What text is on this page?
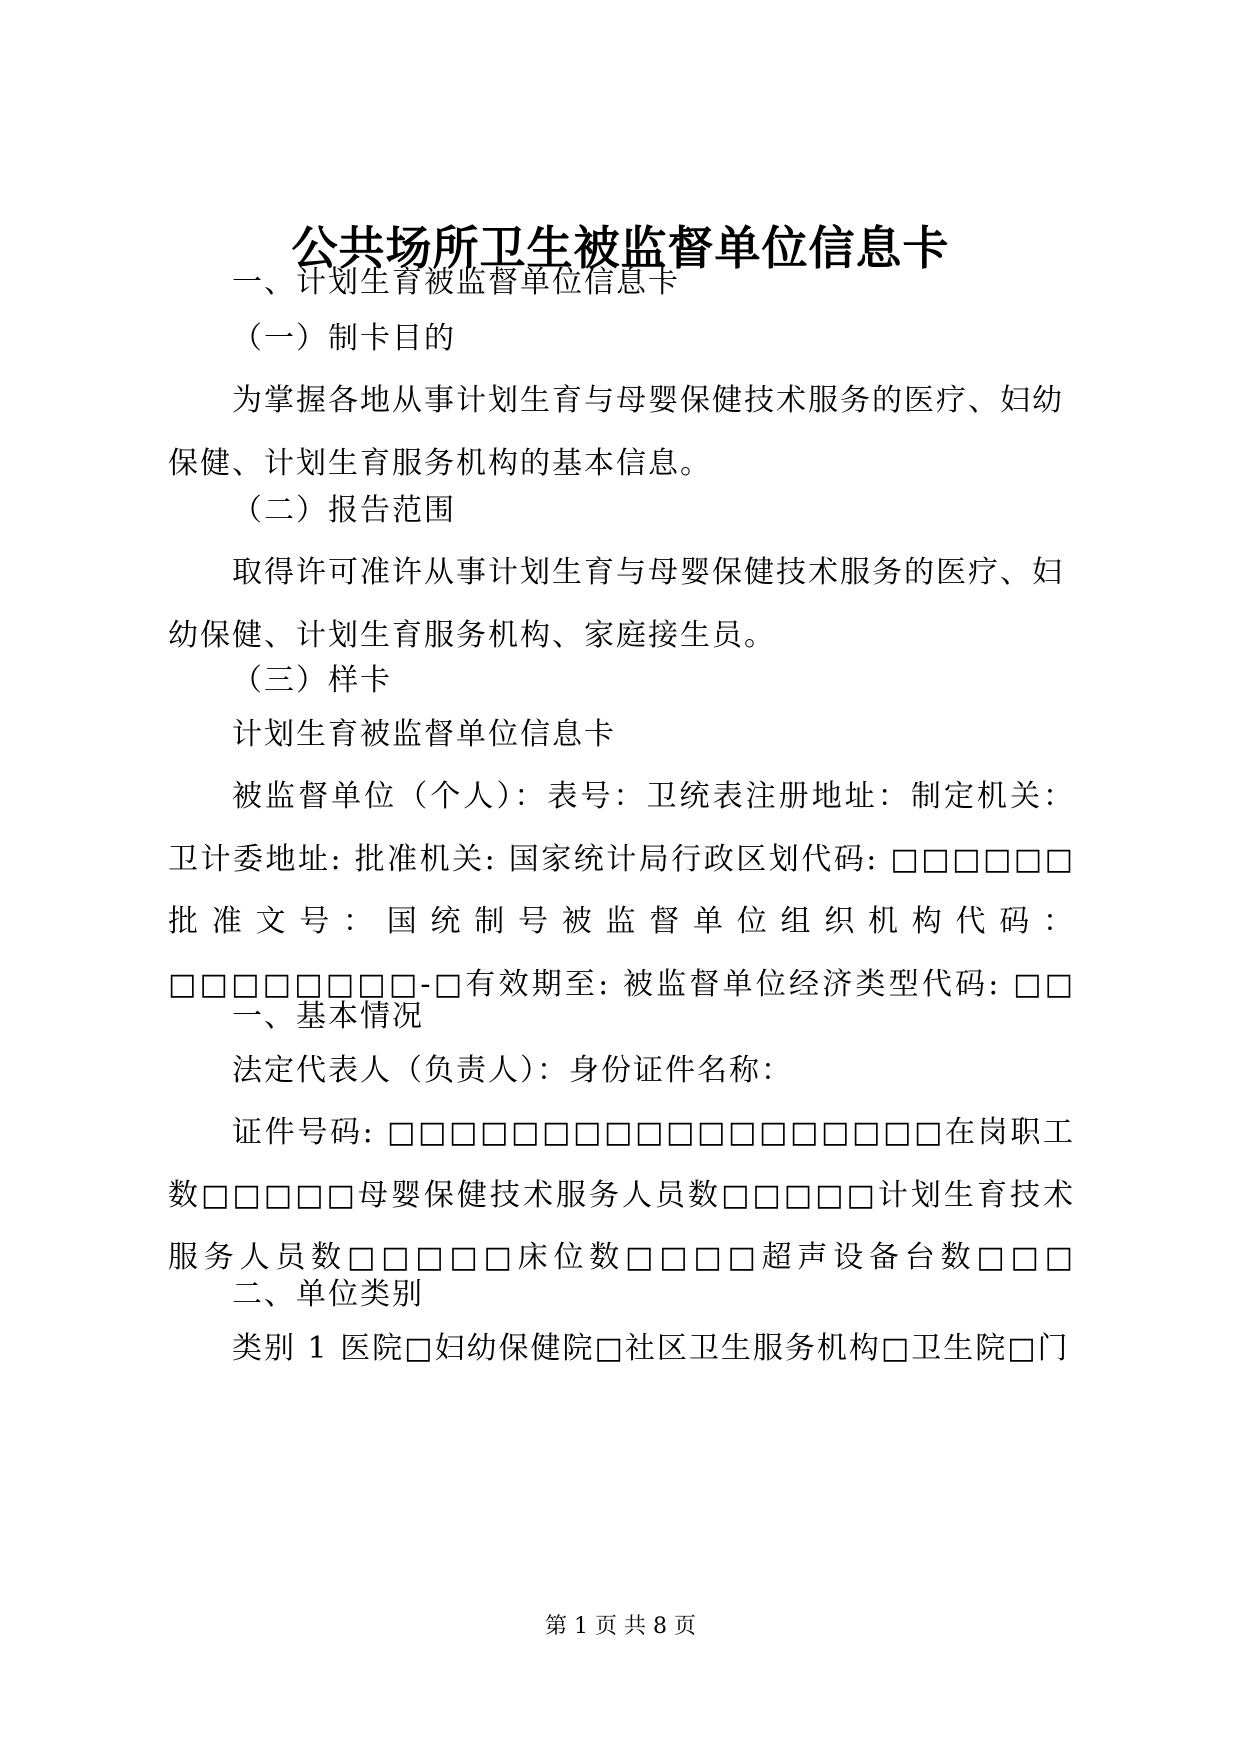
公共场所卫生被监督单位信息卡
一、计划生育被监督单位信息卡
（一）制卡目的
为掌握各地从事计划生育与母婴保健技术服务的医疗、妇幼保健、计划生育服务机构的基本信息。
（二）报告范围
取得许可准许从事计划生育与母婴保健技术服务的医疗、妇幼保健、计划生育服务机构、家庭接生员。
（三）样卡
计划生育被监督单位信息卡
被监督单位（个人）：表号：卫统表注册地址：制定机关：卫计委地址: 批准机关: 国家统计局行政区划代码: □□□□□□批准文号：国统制号被监督单位组织机构代码：□□□□□□□□-□有效期至: 被监督单位经济类型代码: □□
一、基本情况
法定代表人（负责人）：身份证件名称：
证件号码: □□□□□□□□□□□□□□□□□□在岗职工数□□□□□母婴保健技术服务人员数□□□□□计划生育技术服务人员数□□□□□床位数□□□□超声设备台数□□□
二、单位类别
类别 1 医院□妇幼保健院□社区卫生服务机构□卫生院□门
第 1 页 共 8 页
